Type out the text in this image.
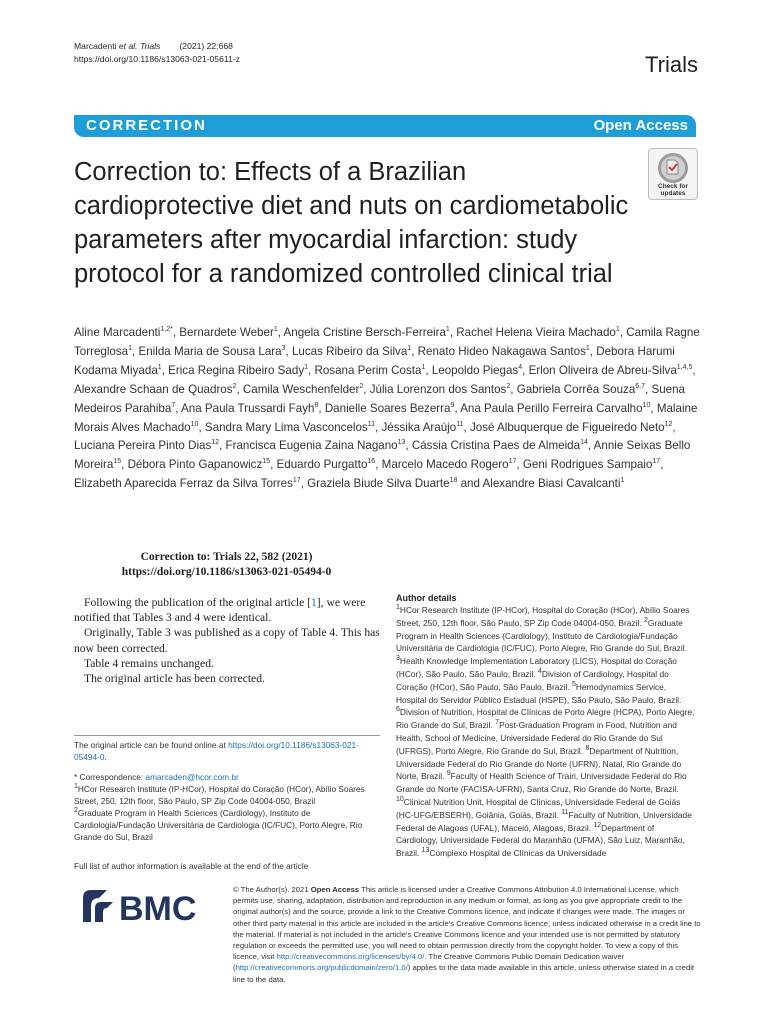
Marcadenti et al. Trials (2021) 22:668
https://doi.org/10.1186/s13063-021-05611-z	Trials
CORRECTION	Open Access
Correction to: Effects of a Brazilian cardioprotective diet and nuts on cardiometabolic parameters after myocardial infarction: study protocol for a randomized controlled clinical trial
Check for
updates
Aline Marcadenti$^{1,2*}$, Bernardete Weber$^1$, Angela Cristine Bersch-Ferreira$^1$, Rachel Helena Vieira Machado$^1$, Camila Ragne Torreglosa$^1$, Enilda Maria de Sousa Lara$^3$, Lucas Ribeiro da Silva$^1$, Renato Hideo Nakagawa Santos$^1$, Debora Harumi Kodama Miyada$^1$, Erica Regina Ribeiro Sady$^1$, Rosana Perim Costa$^1$, Leopoldo Piegas$^4$, Erlon Oliveira de Abreu-Silva$^{1,4,5}$, Alexandre Schaan de Quadros$^2$, Camila Weschenfelder$^2$, Júlia Lorenzon dos Santos$^2$, Gabriela Corrêa Souza$^{6,7}$, Suena Medeiros Parahiba$^7$, Ana Paula Trussardi Fayh$^8$, Danielle Soares Bezerra$^9$, Ana Paula Perillo Ferreira Carvalho$^{10}$, Malaine Morais Alves Machado$^{10}$, Sandra Mary Lima Vasconcelos$^{11}$, Jéssika Araújo$^{11}$, José Albuquerque de Figueiredo Neto$^{12}$, Luciana Pereira Pinto Dias$^{12}$, Francisca Eugenia Zaina Nagano$^{13}$, Cássia Cristina Paes de Almeida$^{14}$, Annie Seixas Bello Moreira$^{15}$, Débora Pinto Gapanowicz$^{15}$, Eduardo Purgatto$^{16}$, Marcelo Macedo Rogero$^{17}$, Geni Rodrigues Sampaio$^{17}$, Elizabeth Aparecida Ferraz da Silva Torres$^{17}$, Graziela Biude Silva Duarte$^{18}$ and Alexandre Biasi Cavalcanti$^1$
Correction to: Trials 22, 582 (2021)
https://doi.org/10.1186/s13063-021-05494-0

Following the publication of the original article [1], we were notified that Tables 3 and 4 were identical.

Originally, Table 3 was published as a copy of Table 4. This has now been corrected.

Table 4 remains unchanged.

The original article has been corrected.

The original article can be found online at https://doi.org/10.1186/s13063-021-05494-0.
* Correspondence: amarcaden@hcor.com.br
$^1$HCor Research Institute (IP-HCor), Hospital do Coração (HCor), Abílio Soares Street, 250, 12th floor, São Paulo, SP Zip Code 04004-050, Brazil
$^2$Graduate Program in Health Sciences (Cardiology), Instituto de Cardiologia/Fundação Universitária de Cardiologia (IC/FUC), Porto Alegre, Rio Grande do Sul, Brazil
Full list of author information is available at the end of the article
Author details
$^1$HCor Research Institute (IP-HCor), Hospital do Coração (HCor), Abílio Soares Street, 250, 12th floor, São Paulo, SP Zip Code 04004-050, Brazil. $^2$Graduate Program in Health Sciences (Cardiology), Instituto de Cardiologia/Fundação Universitária de Cardiologia (IC/FUC), Porto Alegre, Rio Grande do Sul, Brazil. $^3$Health Knowledge Implementation Laboratory (LICS), Hospital do Coração (HCor), São Paulo, São Paulo, Brazil. $^4$Division of Cardiology, Hospital do Coração (HCor), São Paulo, São Paulo, Brazil. $^5$Hemodynamics Service, Hospital do Servidor Público Estadual (HSPE), São Paulo, São Paulo, Brazil. $^6$Division of Nutrition, Hospital de Clínicas de Porto Alegre (HCPA), Porto Alegre, Rio Grande do Sul, Brazil. $^7$Post-Graduation Program in Food, Nutrition and Health, School of Medicine, Universidade Federal do Rio Grande do Sul (UFRGS), Porto Alegre, Rio Grande do Sul, Brazil. $^8$Department of Nutrition, Universidade Federal do Rio Grande do Norte (UFRN), Natal, Rio Grande do Norte, Brazil. $^9$Faculty of Health Science of Trairi, Universidade Federal do Rio Grande do Norte (FACISA-UFRN), Santa Cruz, Rio Grande do Norte, Brazil. $^{10}$Clinical Nutrition Unit, Hospital de Clínicas, Universidade Federal de Goiás (HC-UFG/EBSERH), Goiânia, Goiás, Brazil. $^{11}$Faculty of Nutrition, Universidade Federal de Alagoas (UFAL), Maceió, Alagoas, Brazil. $^{12}$Department of Cardiology, Universidade Federal do Maranhão (UFMA), São Luiz, Maranhão, Brazil. $^{13}$Complexo Hospital de Clínicas da Universidade
BMC
© The Author(s). 2021 Open Access This article is licensed under a Creative Commons Attribution 4.0 International License, which permits use, sharing, adaptation, distribution and reproduction in any medium or format, as long as you give appropriate credit to the original author(s) and the source, provide a link to the Creative Commons licence, and indicate if changes were made. The images or other third party material in this article are included in the article's Creative Commons licence, unless indicated otherwise in a credit line to the material. If material is not included in the article's Creative Commons licence and your intended use is not permitted by statutory regulation or exceeds the permitted use, you will need to obtain permission directly from the copyright holder. To view a copy of this licence, visit http://creativecommons.org/licenses/by/4.0/. The Creative Commons Public Domain Dedication waiver (http://creativecommons.org/publicdomain/zero/1.0/) applies to the data made available in this article, unless otherwise stated in a credit line to the data.
